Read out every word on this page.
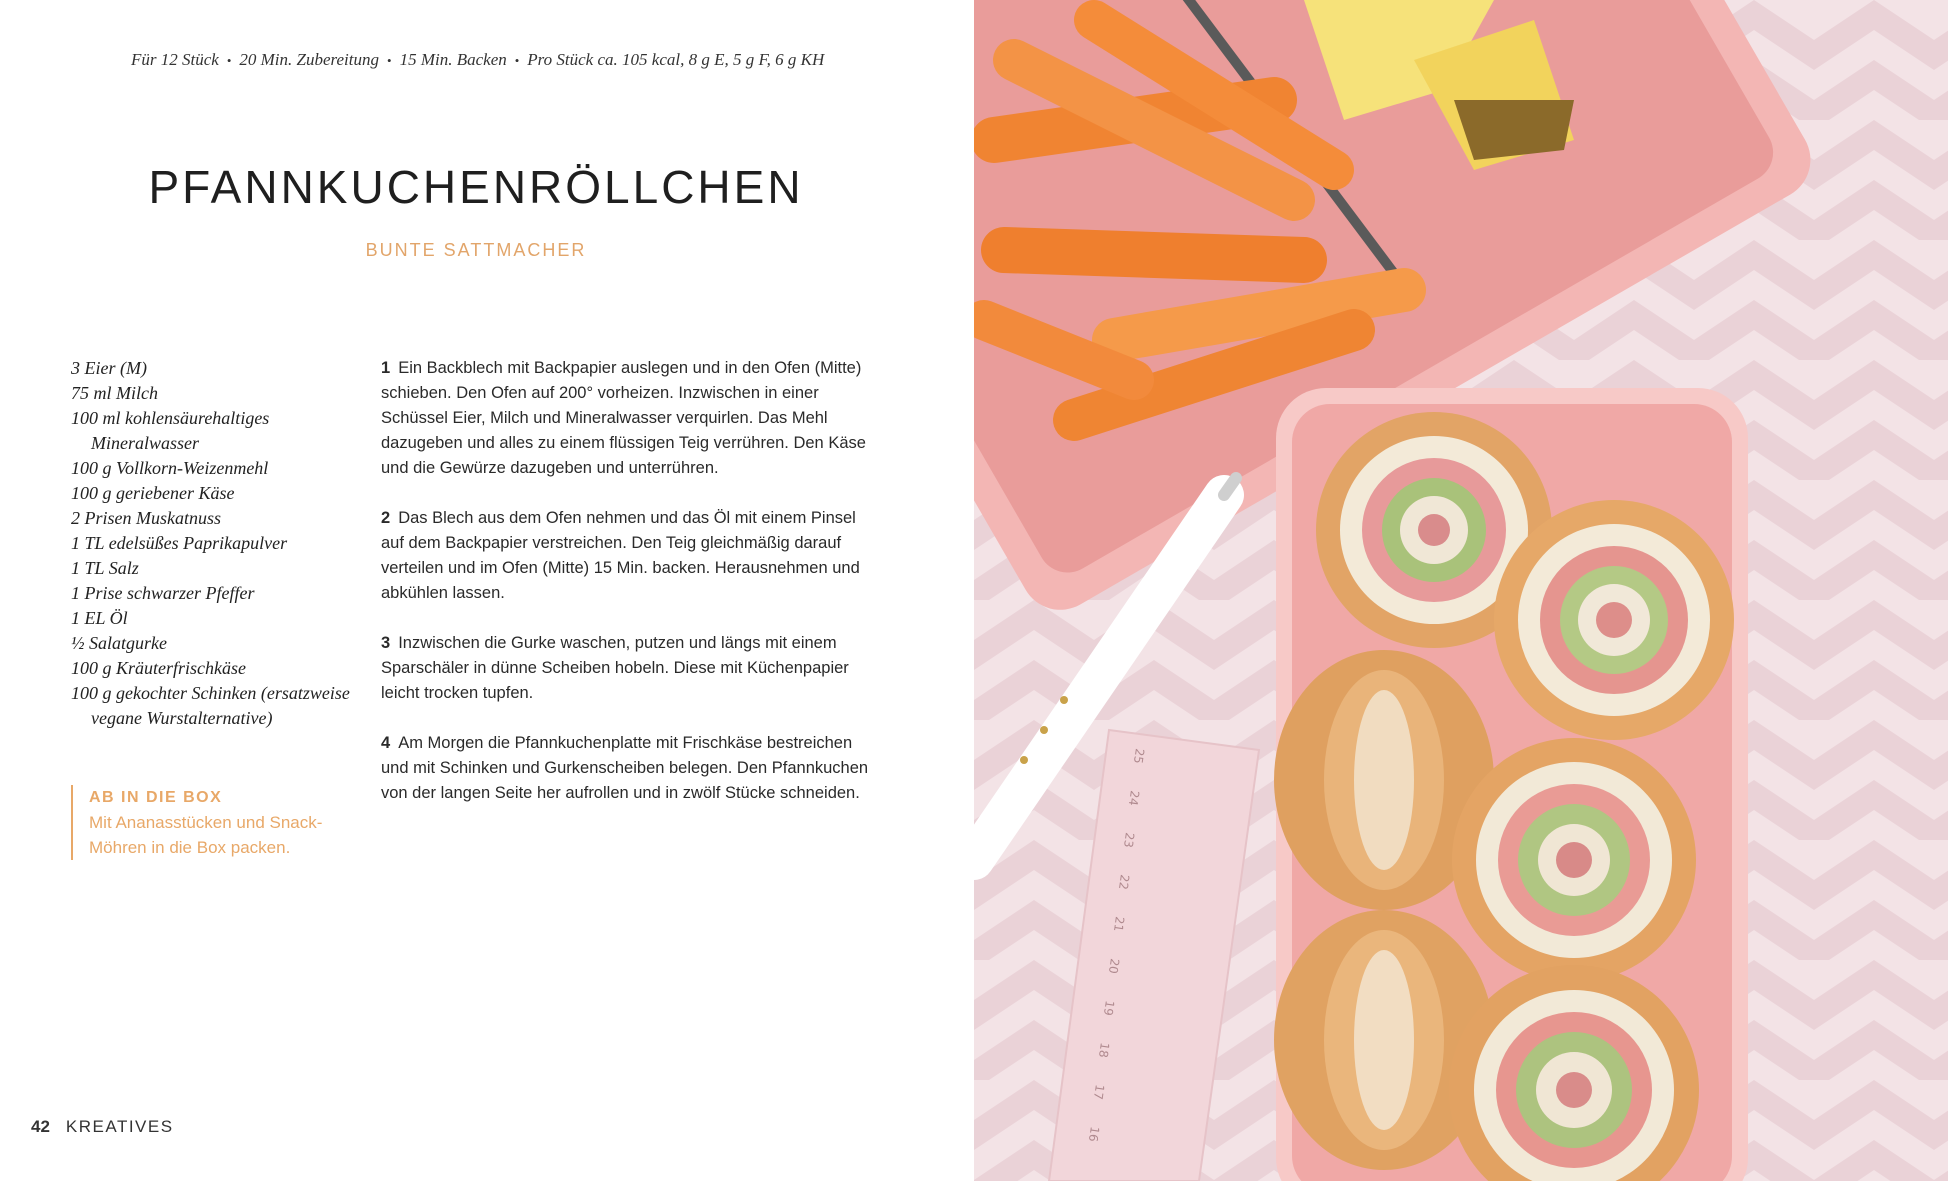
Für 12 Stück • 20 Min. Zubereitung • 15 Min. Backen • Pro Stück ca. 105 kcal, 8 g E, 5 g F, 6 g KH
PFANNKUCHENRÖLLCHEN
BUNTE SATTMACHER
3 Eier (M)
75 ml Milch
100 ml kohlensäurehaltiges Mineralwasser
100 g Vollkorn-Weizenmehl
100 g geriebener Käse
2 Prisen Muskatnuss
1 TL edelsüßes Paprikapulver
1 TL Salz
1 Prise schwarzer Pfeffer
1 EL Öl
½ Salatgurke
100 g Kräuterfrischkäse
100 g gekochter Schinken (ersatzweise vegane Wurstalternative)
AB IN DIE BOX
Mit Ananasstücken und Snack-Möhren in die Box packen.

1 Ein Backblech mit Backpapier auslegen und in den Ofen (Mitte) schieben. Den Ofen auf 200° vorheizen. Inzwischen in einer Schüssel Eier, Milch und Mineralwasser verquirlen. Das Mehl dazugeben und alles zu einem flüssigen Teig verrühren. Den Käse und die Gewürze dazugeben und unterrühren.

2 Das Blech aus dem Ofen nehmen und das Öl mit einem Pinsel auf dem Backpapier verstreichen. Den Teig gleichmäßig darauf verteilen und im Ofen (Mitte) 15 Min. backen. Herausnehmen und abkühlen lassen.

3 Inzwischen die Gurke waschen, putzen und längs mit einem Sparschäler in dünne Scheiben hobeln. Diese mit Küchenpapier leicht trocken tupfen.

4 Am Morgen die Pfannkuchenplatte mit Frischkäse bestreichen und mit Schinken und Gurkenscheiben belegen. Den Pfannkuchen von der langen Seite her aufrollen und in zwölf Stücke schneiden.

42 KREATIVES
25
24
23
22
21
20
19
18
17
16
